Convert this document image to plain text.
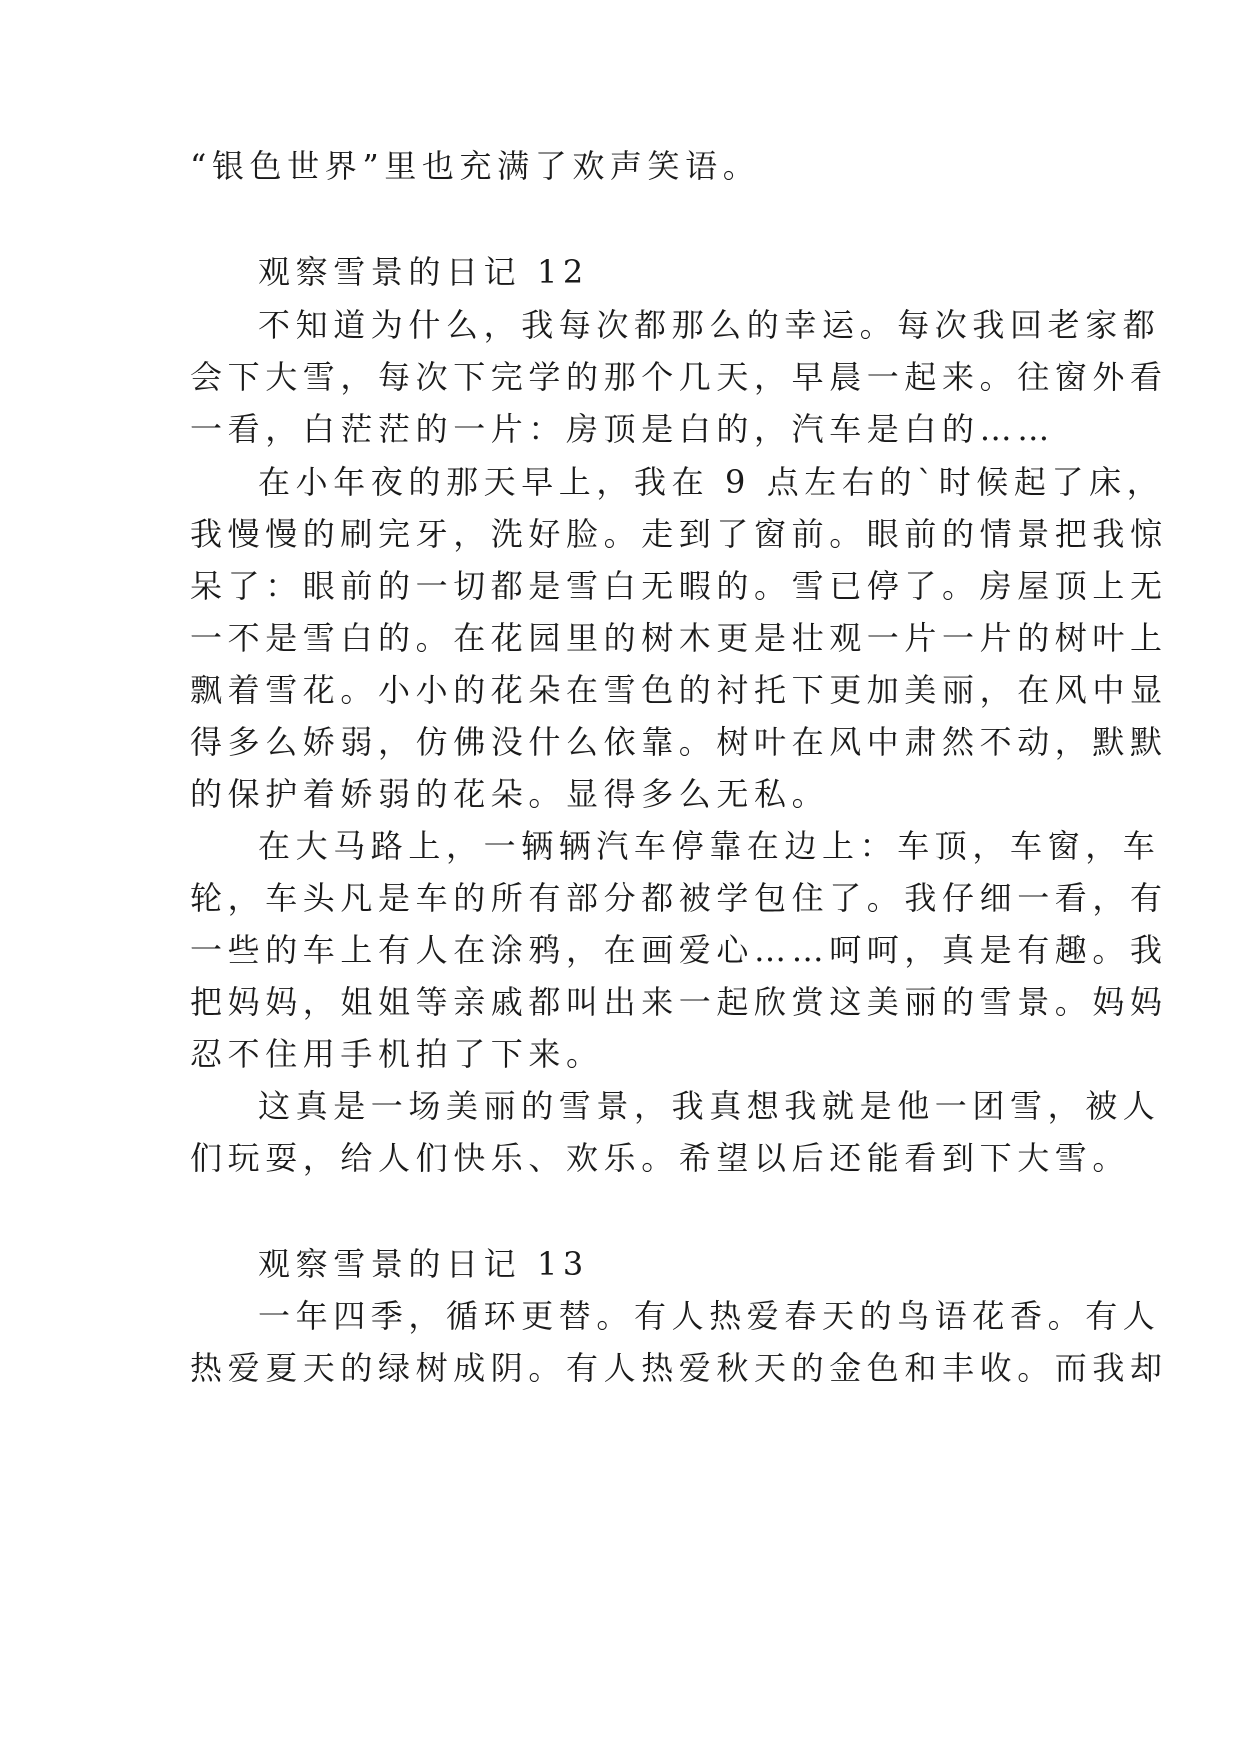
“银色世界”里也充满了欢声笑语。
观察雪景的日记 12
不知道为什么，我每次都那么的幸运。每次我回老家都
会下大雪，每次下完学的那个几天，早晨一起来。往窗外看
一看，白茫茫的一片：房顶是白的，汽车是白的……
在小年夜的那天早上，我在 9 点左右的`时候起了床，
我慢慢的刷完牙，洗好脸。走到了窗前。眼前的情景把我惊
呆了：眼前的一切都是雪白无暇的。雪已停了。房屋顶上无
一不是雪白的。在花园里的树木更是壮观一片一片的树叶上
飘着雪花。小小的花朵在雪色的衬托下更加美丽，在风中显
得多么娇弱，仿佛没什么依靠。树叶在风中肃然不动，默默
的保护着娇弱的花朵。显得多么无私。
在大马路上，一辆辆汽车停靠在边上：车顶，车窗，车
轮，车头凡是车的所有部分都被学包住了。我仔细一看，有
一些的车上有人在涂鸦，在画爱心……呵呵，真是有趣。我
把妈妈，姐姐等亲戚都叫出来一起欣赏这美丽的雪景。妈妈
忍不住用手机拍了下来。
这真是一场美丽的雪景，我真想我就是他一团雪，被人
们玩耍，给人们快乐、欢乐。希望以后还能看到下大雪。
观察雪景的日记 13
一年四季，循环更替。有人热爱春天的鸟语花香。有人
热爱夏天的绿树成阴。有人热爱秋天的金色和丰收。而我却
